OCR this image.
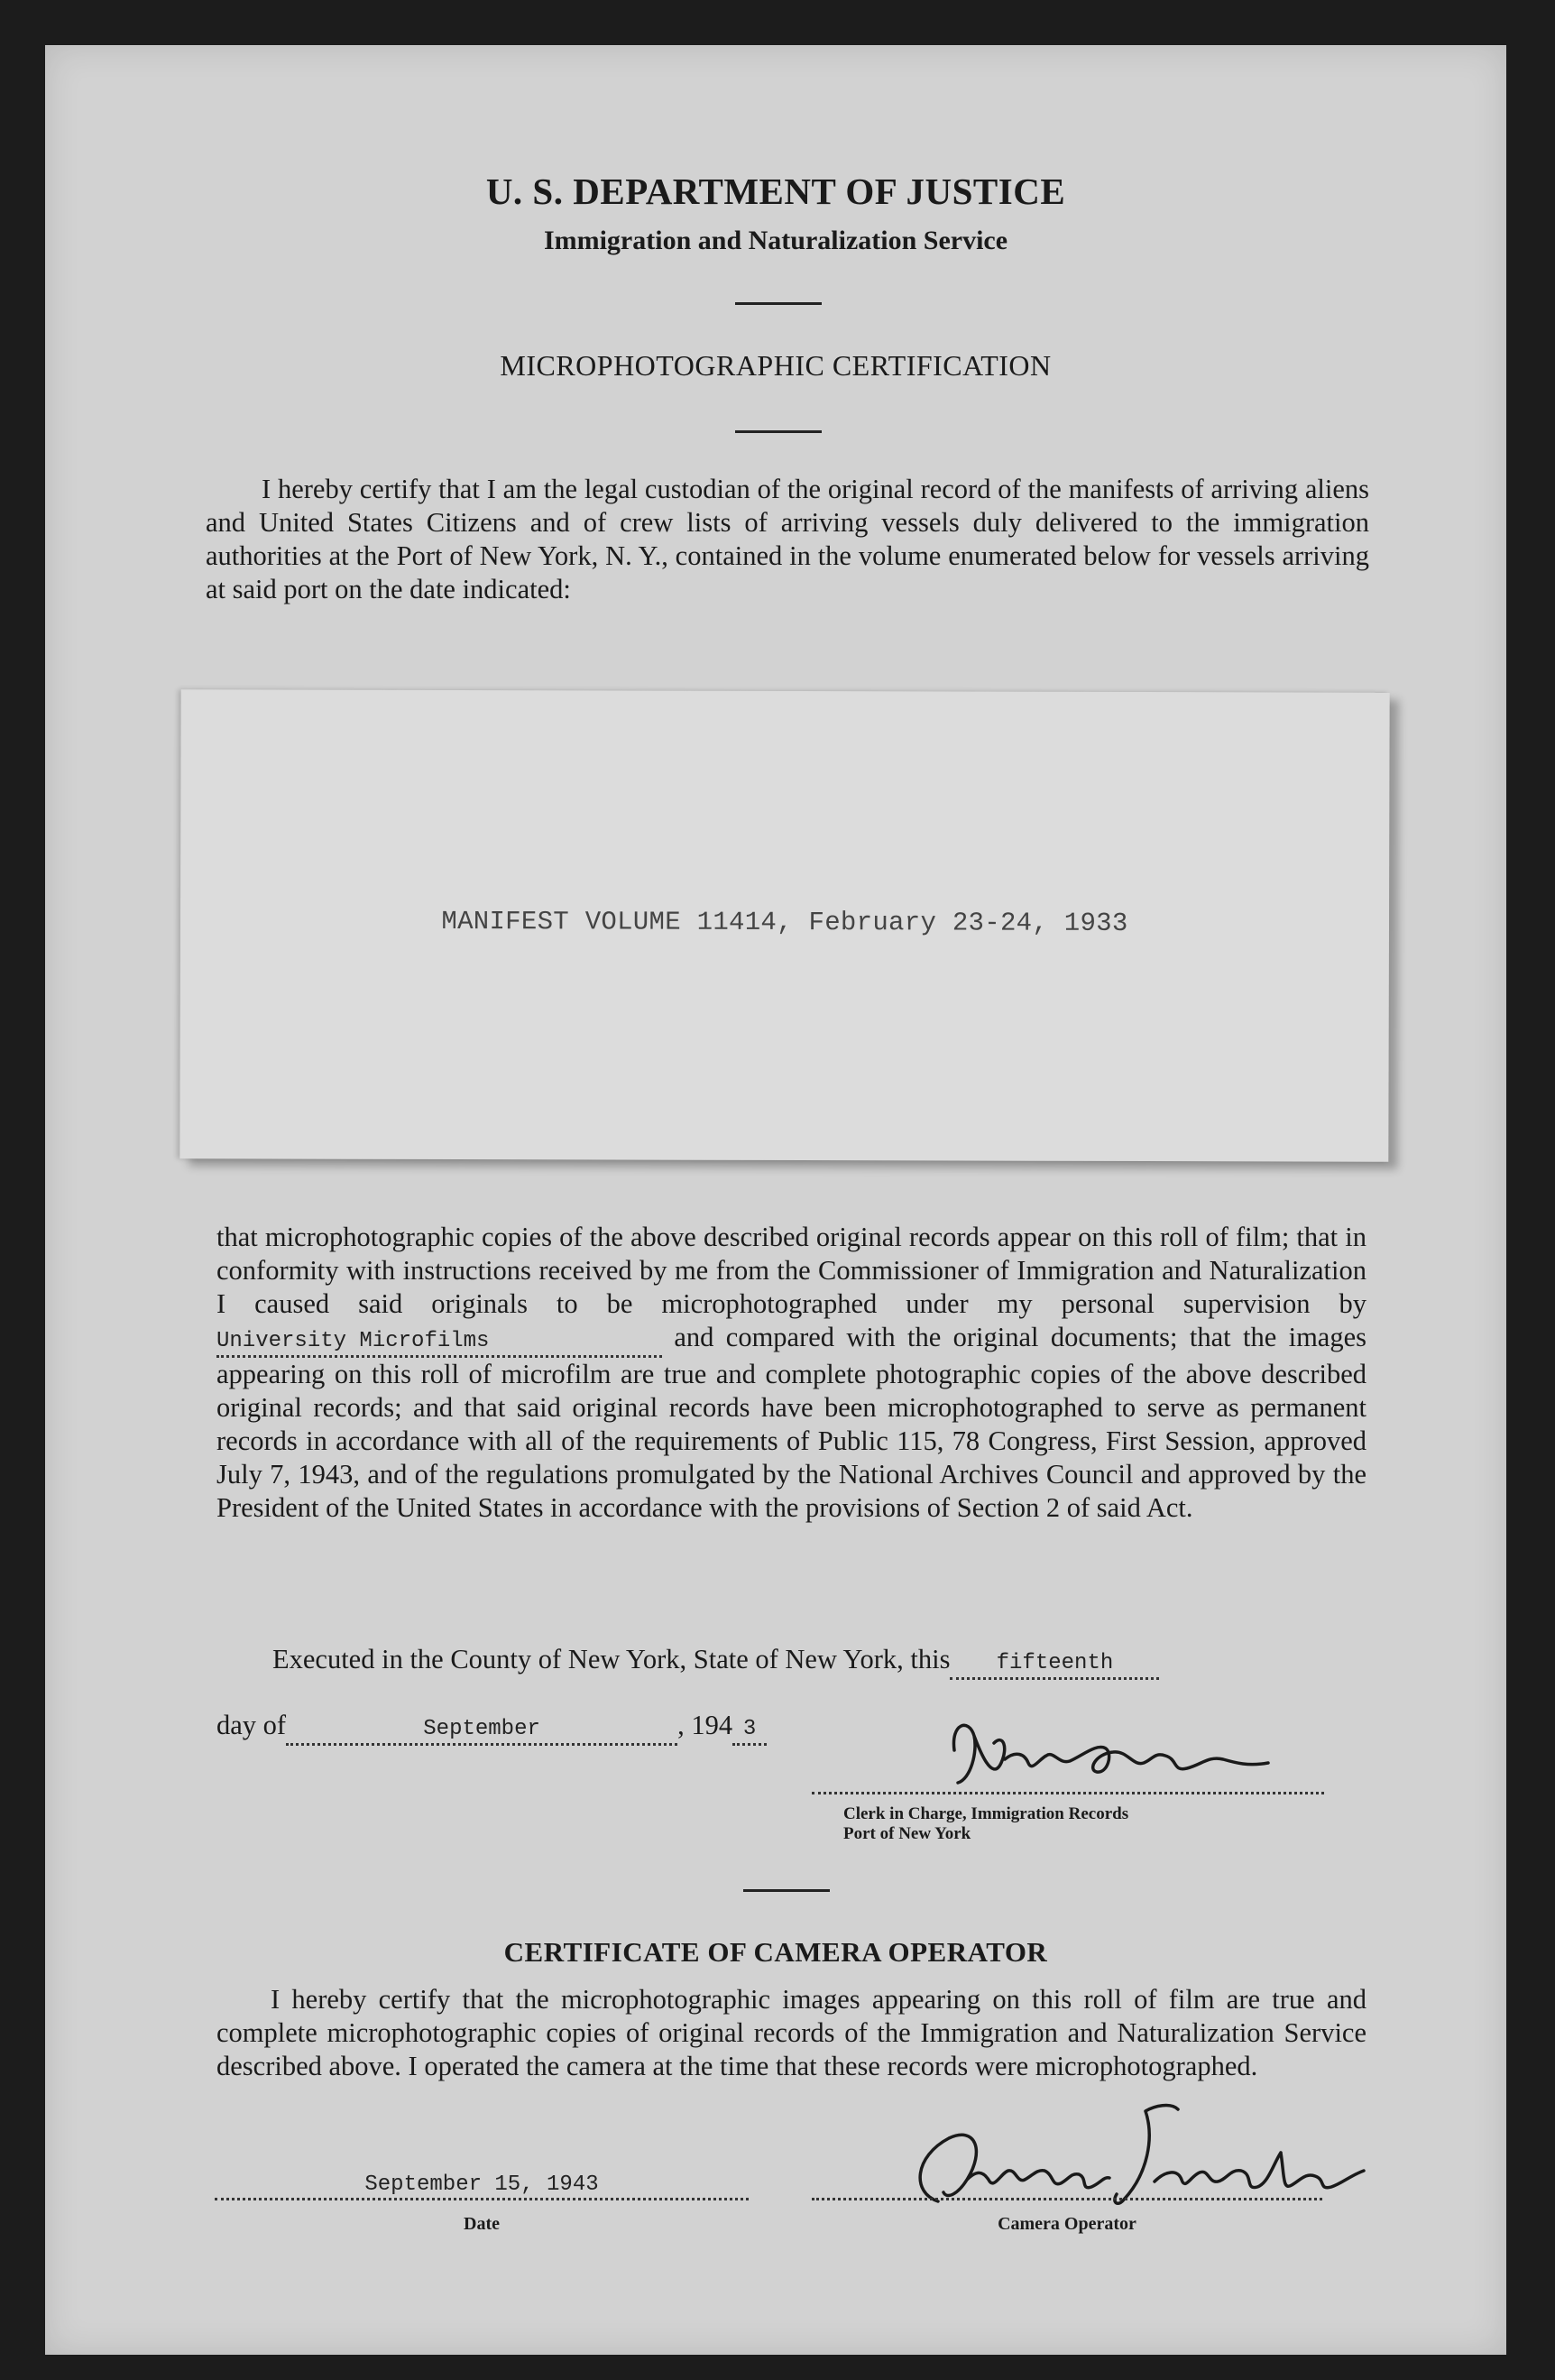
U. S. DEPARTMENT OF JUSTICE
Immigration and Naturalization Service
MICROPHOTOGRAPHIC CERTIFICATION
I hereby certify that I am the legal custodian of the original record of the manifests of arriving aliens and United States Citizens and of crew lists of arriving vessels duly delivered to the immigration authorities at the Port of New York, N. Y., contained in the volume enumerated below for vessels arriving at said port on the date indicated:
MANIFEST VOLUME 11414, February 23-24, 1933
that microphotographic copies of the above described original records appear on this roll of film; that in conformity with instructions received by me from the Commissioner of Immigration and Naturalization I caused said originals to be microphotographed under my personal supervision by University Microfilms	and compared with the original documents; that the images appearing on this roll of microfilm are true and complete photographic copies of the above described original records; and that said original records have been microphotographed to serve as permanent records in accordance with all of the requirements of Public 115, 78 Congress, First Session, approved July 7, 1943, and of the regulations promulgated by the National Archives Council and approved by the President of the United States in accordance with the provisions of Section 2 of said Act.
Executed in the County of New York, State of New York, this fifteenth
day of	September	, 194 3
Clerk in Charge, Immigration Records
Port of New York
CERTIFICATE OF CAMERA OPERATOR
I hereby certify that the microphotographic images appearing on this roll of film are true and complete microphotographic copies of original records of the Immigration and Naturalization Service described above. I operated the camera at the time that these records were microphotographed.
September 15, 1943
Date	Camera Operator
